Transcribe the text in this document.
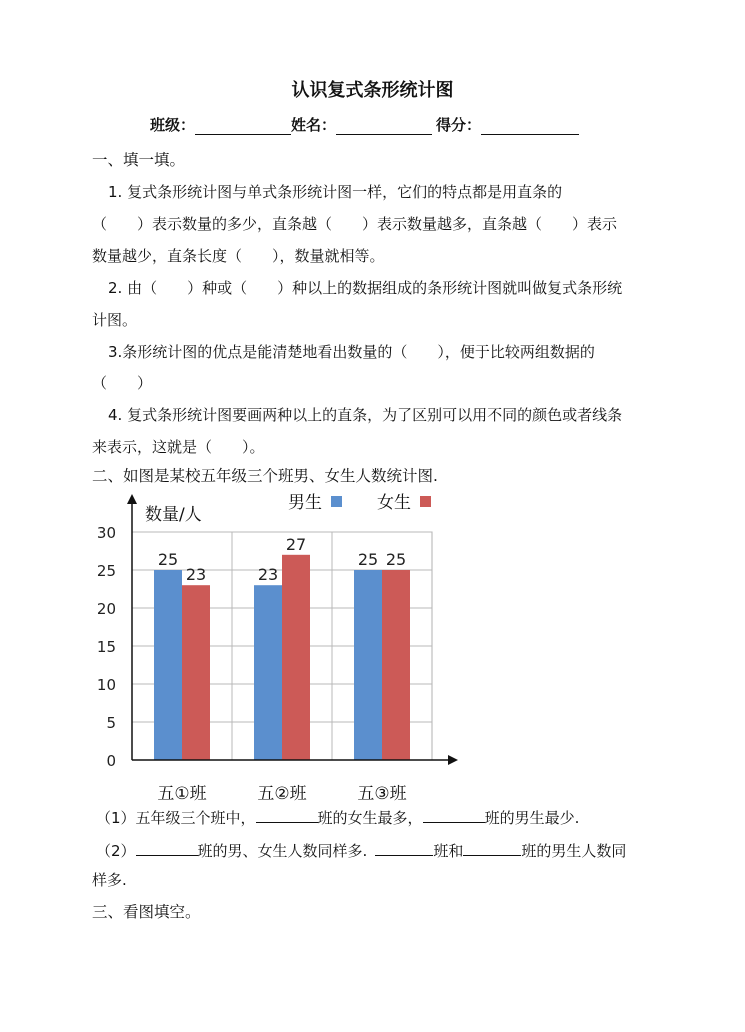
认识复式条形统计图
班级：	姓名：	得分：
一、填一填。
1. 复式条形统计图与单式条形统计图一样，它们的特点都是用直条的
（　　）表示数量的多少，直条越（　　）表示数量越多，直条越（　　）表示
数量越少，直条长度（　　），数量就相等。
2. 由（　　）种或（　　）种以上的数据组成的条形统计图就叫做复式条形统
计图。
3.条形统计图的优点是能清楚地看出数量的（　　），便于比较两组数据的
（　　）
4. 复式条形统计图要画两种以上的直条，为了区别可以用不同的颜色或者线条
来表示，这就是（　　）。
二、如图是某校五年级三个班男、女生人数统计图.
0
5
10
15
20
25
30
25
23
五①班
23
27
五②班
25 25
五③班
数量/人
男生	女生
（1）五年级三个班中，	班的女生最多，	班的男生最少.
（2）	班的男、女生人数同样多.	班和	班的男生人数同
样多.
三、看图填空。
